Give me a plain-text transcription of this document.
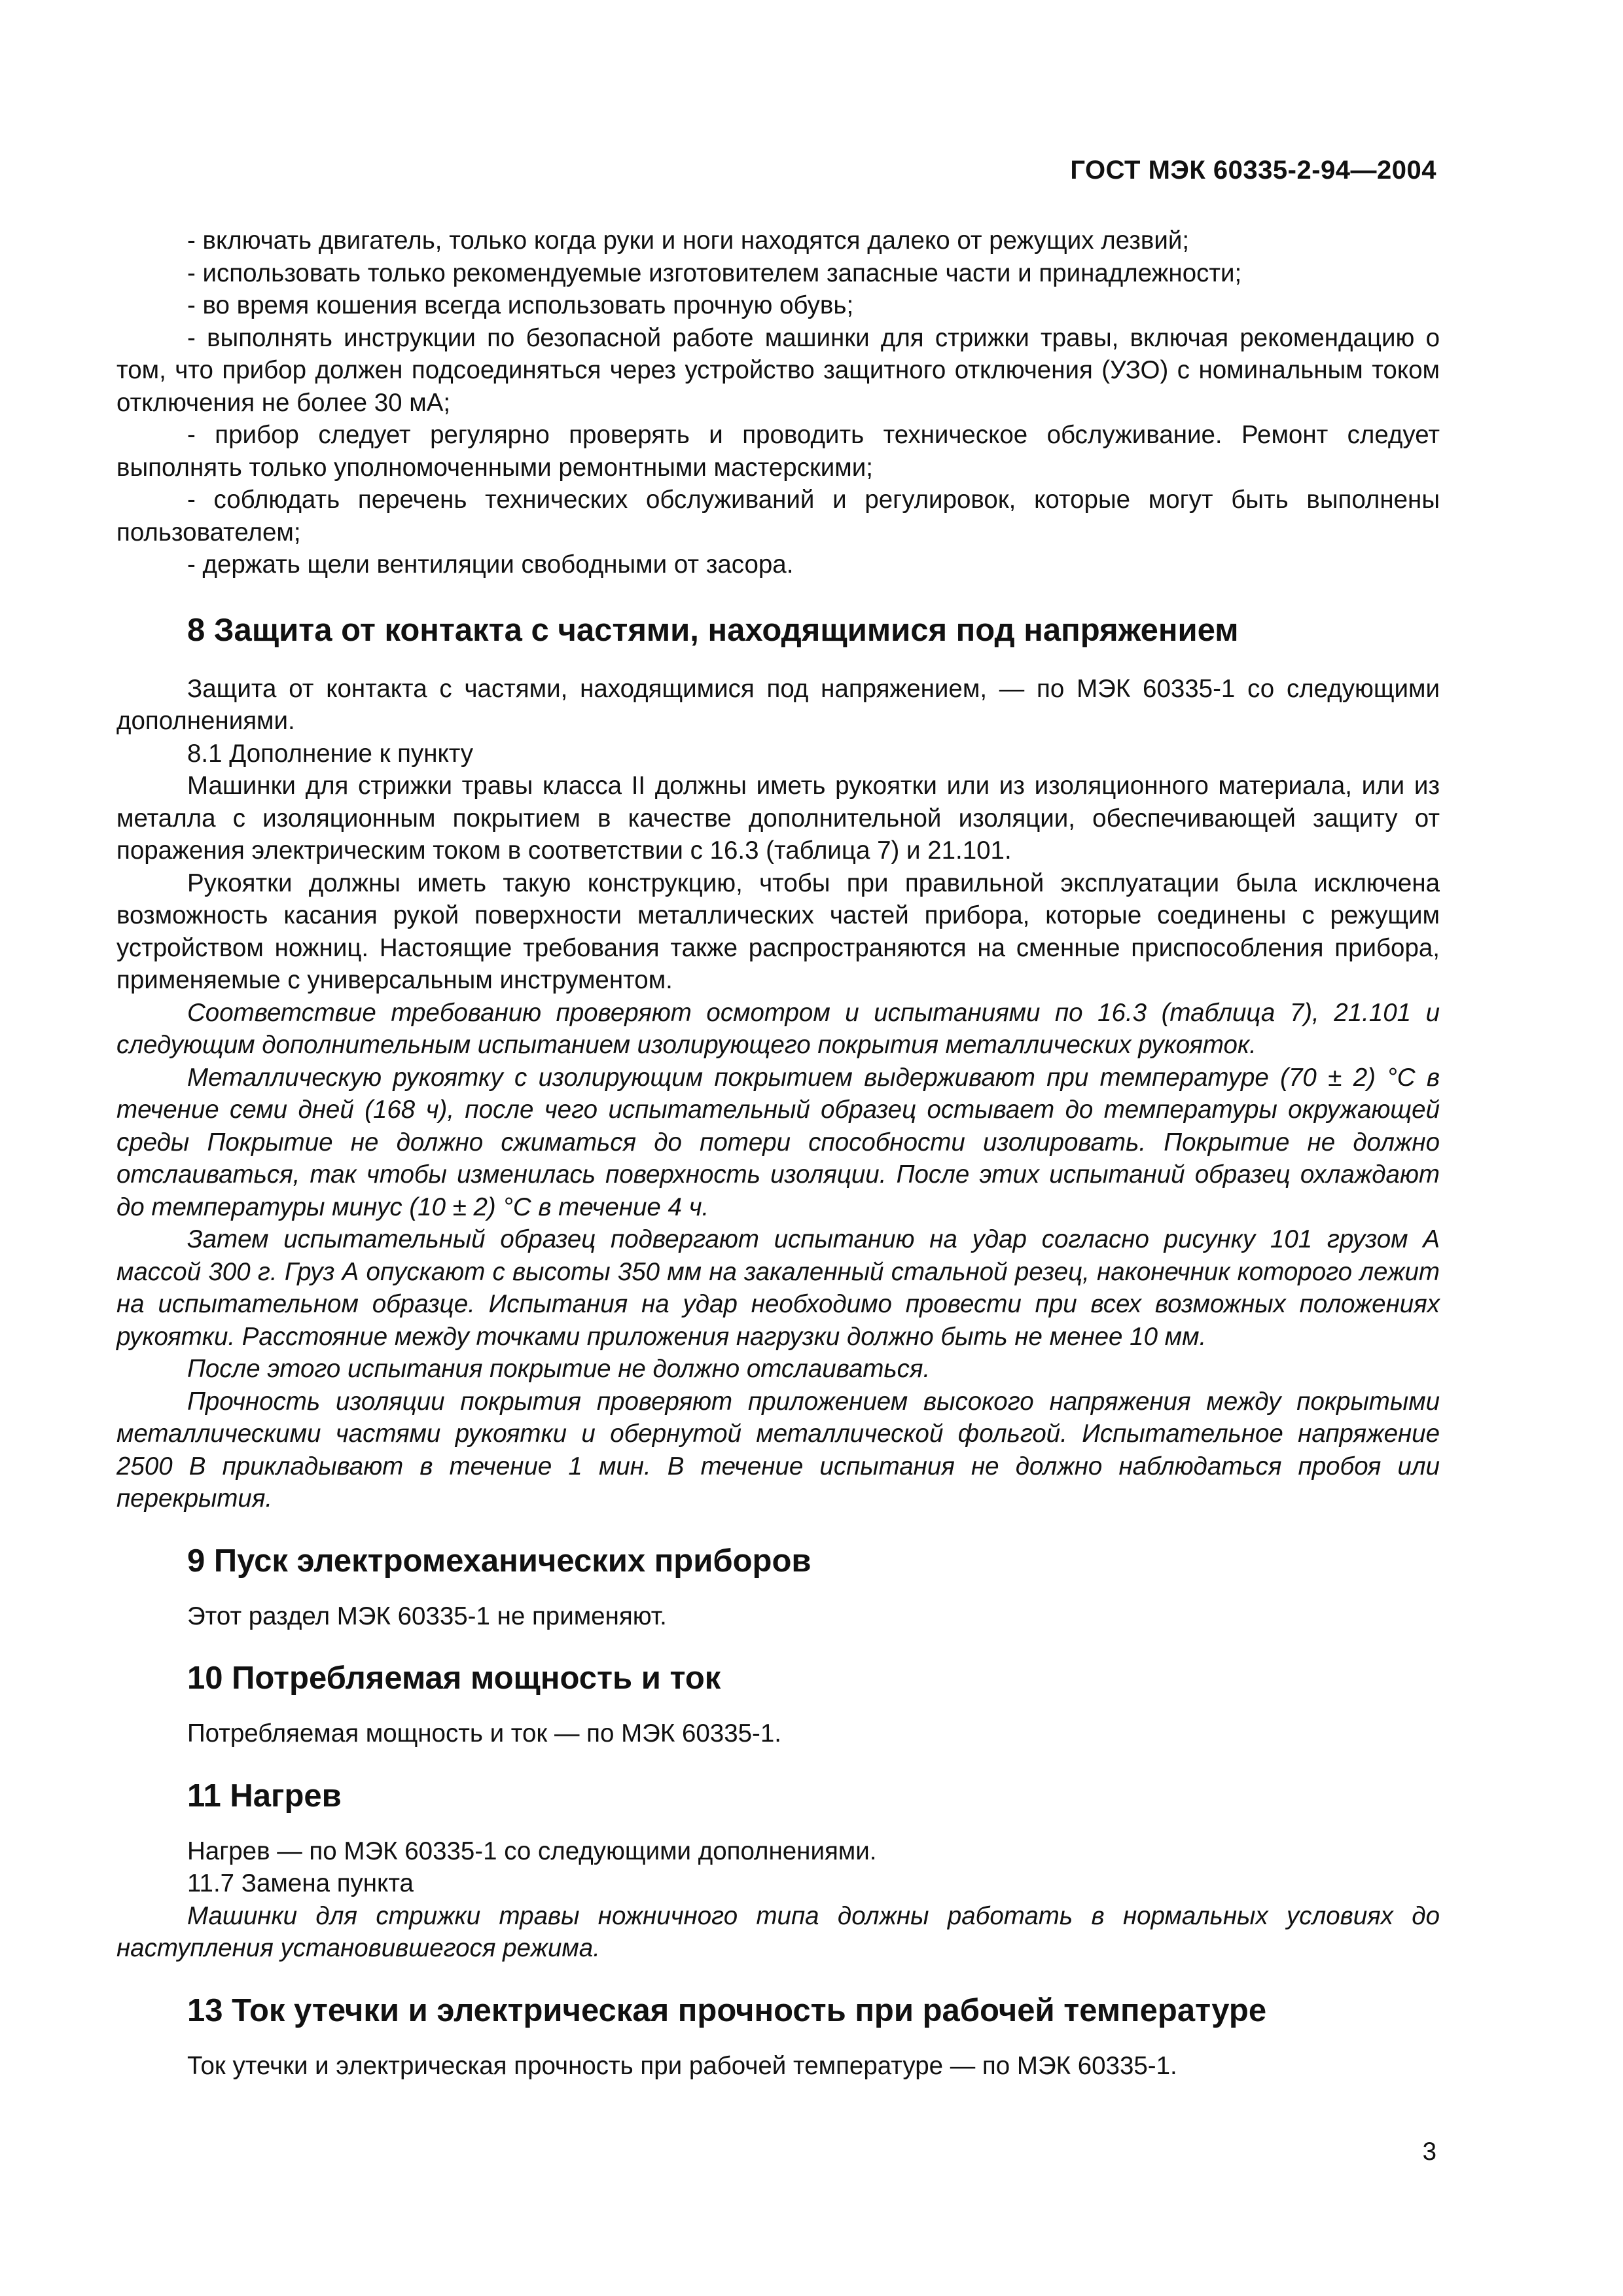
ГОСТ МЭК 60335-2-94—2004

- включать двигатель, только когда руки и ноги находятся далеко от режущих лезвий;

- использовать только рекомендуемые изготовителем запасные части и принадлежности;

- во время кошения всегда использовать прочную обувь;

- выполнять инструкции по безопасной работе машинки для стрижки травы, включая рекомендацию о том, что прибор должен подсоединяться через устройство защитного отключения (УЗО) с номинальным током отключения не более 30 мА;

- прибор следует регулярно проверять и проводить техническое обслуживание. Ремонт следует выполнять только уполномоченными ремонтными мастерскими;

- соблюдать перечень технических обслуживаний и регулировок, которые могут быть выполнены пользователем;

- держать щели вентиляции свободными от засора.

8 Защита от контакта с частями, находящимися под напряжением

Защита от контакта с частями, находящимися под напряжением, — по МЭК 60335-1 со следующими дополнениями.

8.1 Дополнение к пункту

Машинки для стрижки травы класса II должны иметь рукоятки или из изоляционного материала, или из металла с изоляционным покрытием в качестве дополнительной изоляции, обеспечивающей защиту от поражения электрическим током в соответствии с 16.3 (таблица 7) и 21.101.

Рукоятки должны иметь такую конструкцию, чтобы при правильной эксплуатации была исключена возможность касания рукой поверхности металлических частей прибора, которые соединены с режущим устройством ножниц. Настоящие требования также распространяются на сменные приспособления прибора, применяемые с универсальным инструментом.

Соответствие требованию проверяют осмотром и испытаниями по 16.3 (таблица 7), 21.101 и следующим дополнительным испытанием изолирующего покрытия металлических рукояток.

Металлическую рукоятку с изолирующим покрытием выдерживают при температуре (70 ± 2) °С в течение семи дней (168 ч), после чего испытательный образец остывает до температуры окружающей среды Покрытие не должно сжиматься до потери способности изолировать. Покрытие не должно отслаиваться, так чтобы изменилась поверхность изоляции. После этих испытаний образец охлаждают до температуры минус (10 ± 2) °С в течение 4 ч.

Затем испытательный образец подвергают испытанию на удар согласно рисунку 101 грузом А массой 300 г. Груз А опускают с высоты 350 мм на закаленный стальной резец, наконечник которого лежит на испытательном образце. Испытания на удар необходимо провести при всех возможных положениях рукоятки. Расстояние между точками приложения нагрузки должно быть не менее 10 мм.

После этого испытания покрытие не должно отслаиваться.

Прочность изоляции покрытия проверяют приложением высокого напряжения между покрытыми металлическими частями рукоятки и обернутой металлической фольгой. Испытательное напряжение 2500 В прикладывают в течение 1 мин. В течение испытания не должно наблюдаться пробоя или перекрытия.

9 Пуск электромеханических приборов

Этот раздел МЭК 60335-1 не применяют.

10 Потребляемая мощность и ток

Потребляемая мощность и ток — по МЭК 60335-1.

11 Нагрев

Нагрев — по МЭК 60335-1 со следующими дополнениями.

11.7 Замена пункта

Машинки для стрижки травы ножничного типа должны работать в нормальных условиях до наступления установившегося режима.

13 Ток утечки и электрическая прочность при рабочей температуре

Ток утечки и электрическая прочность при рабочей температуре — по МЭК 60335-1.

3
